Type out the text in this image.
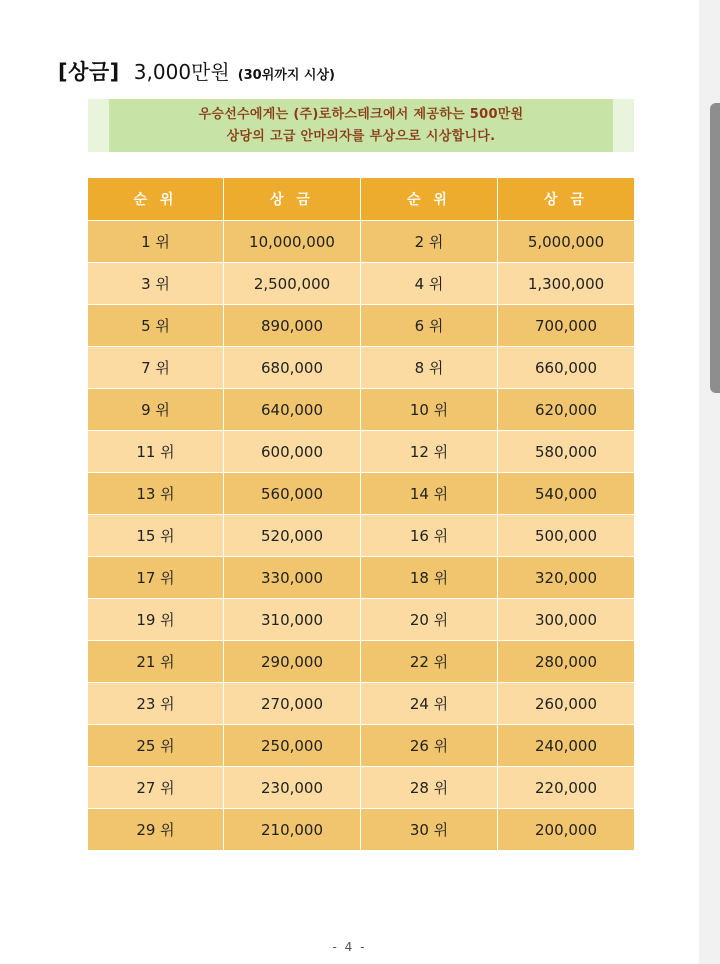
[상금] 3,000만원 (30위까지 시상)
우승선수에게는 (주)로하스테크에서 제공하는 500만원
상당의 고급 안마의자를 부상으로 시상합니다.
순 위	상 금	순 위	상 금
1 위	10,000,000	2 위	5,000,000
3 위	2,500,000	4 위	1,300,000
5 위	890,000	6 위	700,000
7 위	680,000	8 위	660,000
9 위	640,000	10 위	620,000
11 위	600,000	12 위	580,000
13 위	560,000	14 위	540,000
15 위	520,000	16 위	500,000
17 위	330,000	18 위	320,000
19 위	310,000	20 위	300,000
21 위	290,000	22 위	280,000
23 위	270,000	24 위	260,000
25 위	250,000	26 위	240,000
27 위	230,000	28 위	220,000
29 위	210,000	30 위	200,000
- 4 -
